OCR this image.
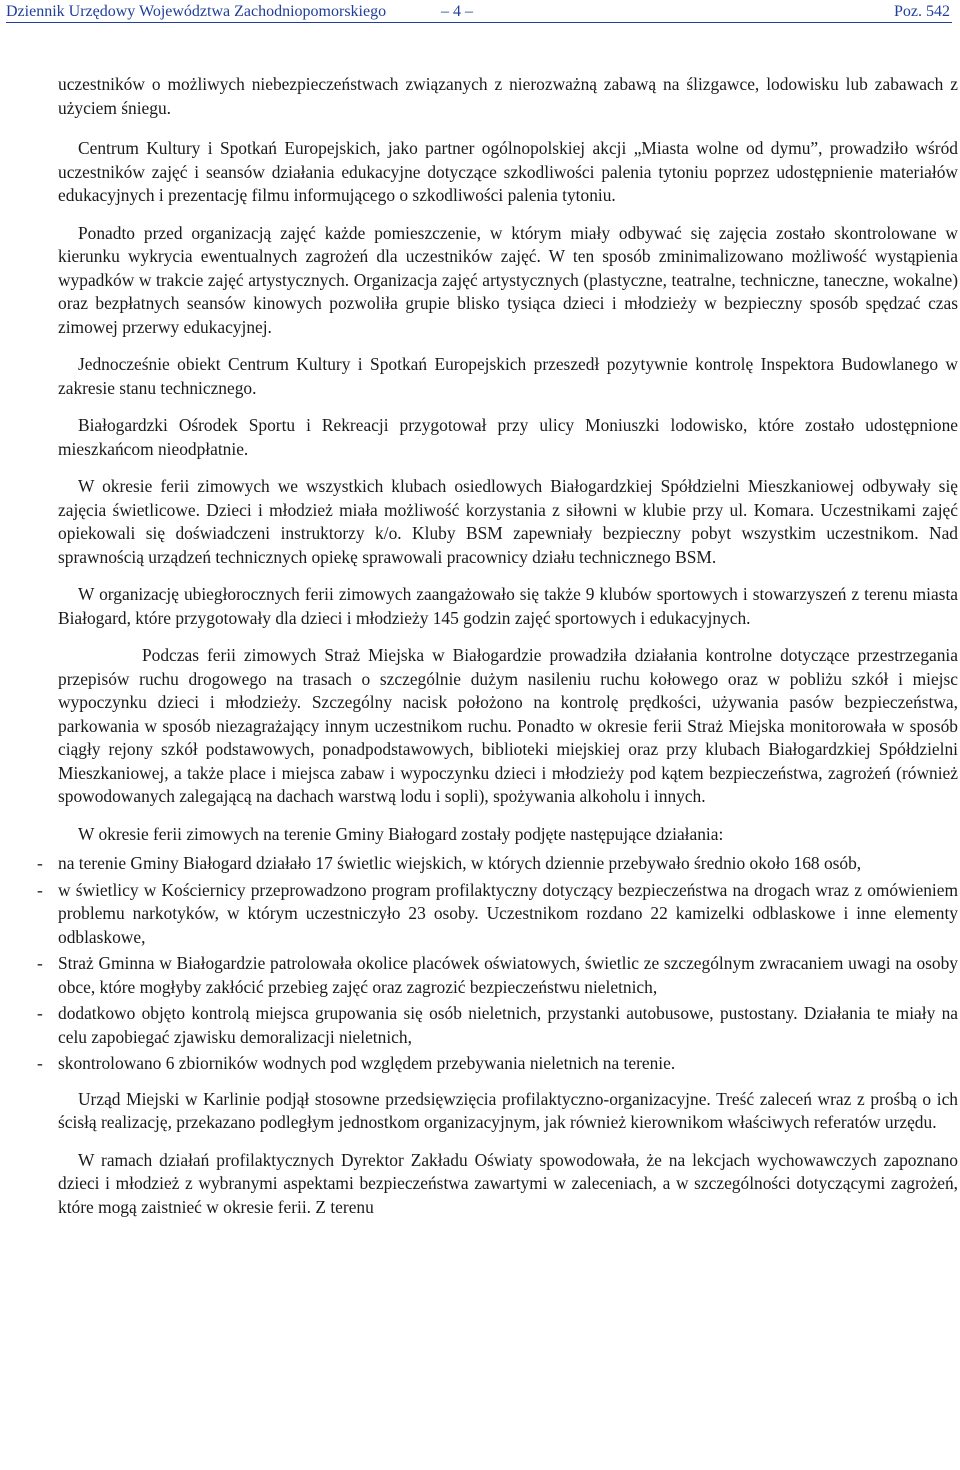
Dziennik Urzędowy Województwa Zachodniopomorskiego	– 4 –	Poz. 542

uczestników o możliwych niebezpieczeństwach związanych z nierozważną zabawą na ślizgawce, lodowisku lub zabawach z użyciem śniegu.

Centrum Kultury i Spotkań Europejskich, jako partner ogólnopolskiej akcji „Miasta wolne od dymu”, prowadziło wśród uczestników zajęć i seansów działania edukacyjne dotyczące szkodliwości palenia tytoniu poprzez udostępnienie materiałów edukacyjnych i prezentację filmu informującego o szkodliwości palenia tytoniu.

Ponadto przed organizacją zajęć każde pomieszczenie, w którym miały odbywać się zajęcia zostało skontrolowane w kierunku wykrycia ewentualnych zagrożeń dla uczestników zajęć. W ten sposób zminimalizowano możliwość wystąpienia wypadków w trakcie zajęć artystycznych. Organizacja zajęć artystycznych (plastyczne, teatralne, techniczne, taneczne, wokalne) oraz bezpłatnych seansów kinowych pozwoliła grupie blisko tysiąca dzieci i młodzieży w bezpieczny sposób spędzać czas zimowej przerwy edukacyjnej.

Jednocześnie obiekt Centrum Kultury i Spotkań Europejskich przeszedł pozytywnie kontrolę Inspektora Budowlanego w zakresie stanu technicznego.

Białogardzki Ośrodek Sportu i Rekreacji przygotował przy ulicy Moniuszki lodowisko, które zostało udostępnione mieszkańcom nieodpłatnie.

W okresie ferii zimowych we wszystkich klubach osiedlowych Białogardzkiej Spółdzielni Mieszkaniowej odbywały się zajęcia świetlicowe. Dzieci i młodzież miała możliwość korzystania z siłowni w klubie przy ul. Komara. Uczestnikami zajęć opiekowali się doświadczeni instruktorzy k/o. Kluby BSM zapewniały bezpieczny pobyt wszystkim uczestnikom. Nad sprawnością urządzeń technicznych opiekę sprawowali pracownicy działu technicznego BSM.

W organizację ubiegłorocznych ferii zimowych zaangażowało się także 9 klubów sportowych i stowarzyszeń z terenu miasta Białogard, które przygotowały dla dzieci i młodzieży 145 godzin zajęć sportowych i edukacyjnych.

Podczas ferii zimowych Straż Miejska w Białogardzie prowadziła działania kontrolne dotyczące przestrzegania przepisów ruchu drogowego na trasach o szczególnie dużym nasileniu ruchu kołowego oraz w pobliżu szkół i miejsc wypoczynku dzieci i młodzieży. Szczególny nacisk położono na kontrolę prędkości, używania pasów bezpieczeństwa, parkowania w sposób niezagrażający innym uczestnikom ruchu. Ponadto w okresie ferii Straż Miejska monitorowała w sposób ciągły rejony szkół podstawowych, ponadpodstawowych, biblioteki miejskiej oraz przy klubach Białogardzkiej Spółdzielni Mieszkaniowej, a także place i miejsca zabaw i wypoczynku dzieci i młodzieży pod kątem bezpieczeństwa, zagrożeń (również spowodowanych zalegającą na dachach warstwą lodu i sopli), spożywania alkoholu i innych.

W okresie ferii zimowych na terenie Gminy Białogard zostały podjęte następujące działania:

- na terenie Gminy Białogard działało 17 świetlic wiejskich, w których dziennie przebywało średnio około 168 osób,
- w świetlicy w Kościernicy przeprowadzono program profilaktyczny dotyczący bezpieczeństwa na drogach wraz z omówieniem problemu narkotyków, w którym uczestniczyło 23 osoby. Uczestnikom rozdano 22 kamizelki odblaskowe i inne elementy odblaskowe,
- Straż Gminna w Białogardzie patrolowała okolice placówek oświatowych, świetlic ze szczególnym zwracaniem uwagi na osoby obce, które mogłyby zakłócić przebieg zajęć oraz zagrozić bezpieczeństwu nieletnich,
- dodatkowo objęto kontrolą miejsca grupowania się osób nieletnich, przystanki autobusowe, pustostany. Działania te miały na celu zapobiegać zjawisku demoralizacji nieletnich,
- skontrolowano 6 zbiorników wodnych pod względem przebywania nieletnich na terenie.

Urząd Miejski w Karlinie podjął stosowne przedsięwzięcia profilaktyczno-organizacyjne. Treść zaleceń wraz z prośbą o ich ścisłą realizację, przekazano podległym jednostkom organizacyjnym, jak również kierownikom właściwych referatów urzędu.

W ramach działań profilaktycznych Dyrektor Zakładu Oświaty spowodowała, że na lekcjach wychowawczych zapoznano dzieci i młodzież z wybranymi aspektami bezpieczeństwa zawartymi w zaleceniach, a w szczególności dotyczącymi zagrożeń, które mogą zaistnieć w okresie ferii. Z terenu
